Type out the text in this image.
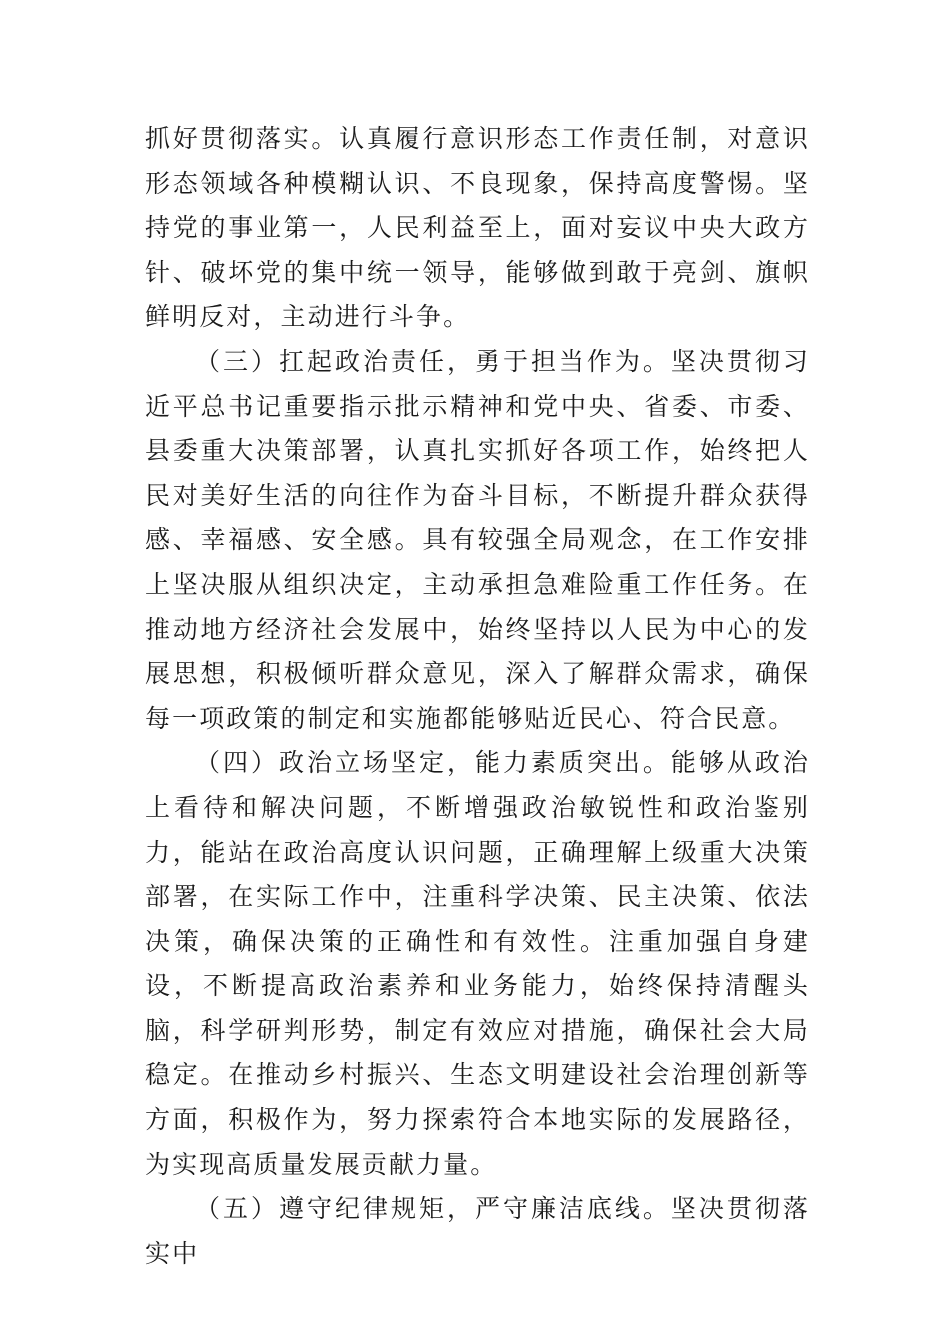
抓好贯彻落实。认真履行意识形态工作责任制，对意识形态领域各种模糊认识、不良现象，保持高度警惕。坚持党的事业第一，人民利益至上，面对妄议中央大政方针、破坏党的集中统一领导，能够做到敢于亮剑、旗帜鲜明反对，主动进行斗争。

（三）扛起政治责任，勇于担当作为。坚决贯彻习近平总书记重要指示批示精神和党中央、省委、市委、县委重大决策部署，认真扎实抓好各项工作，始终把人民对美好生活的向往作为奋斗目标，不断提升群众获得感、幸福感、安全感。具有较强全局观念，在工作安排上坚决服从组织决定，主动承担急难险重工作任务。在推动地方经济社会发展中，始终坚持以人民为中心的发展思想，积极倾听群众意见，深入了解群众需求，确保每一项政策的制定和实施都能够贴近民心、符合民意。

（四）政治立场坚定，能力素质突出。能够从政治上看待和解决问题，不断增强政治敏锐性和政治鉴别力，能站在政治高度认识问题，正确理解上级重大决策部署，在实际工作中，注重科学决策、民主决策、依法决策，确保决策的正确性和有效性。注重加强自身建设，不断提高政治素养和业务能力，始终保持清醒头脑，科学研判形势，制定有效应对措施，确保社会大局稳定。在推动乡村振兴、生态文明建设社会治理创新等方面，积极作为，努力探索符合本地实际的发展路径，为实现高质量发展贡献力量。

（五）遵守纪律规矩，严守廉洁底线。坚决贯彻落实中
